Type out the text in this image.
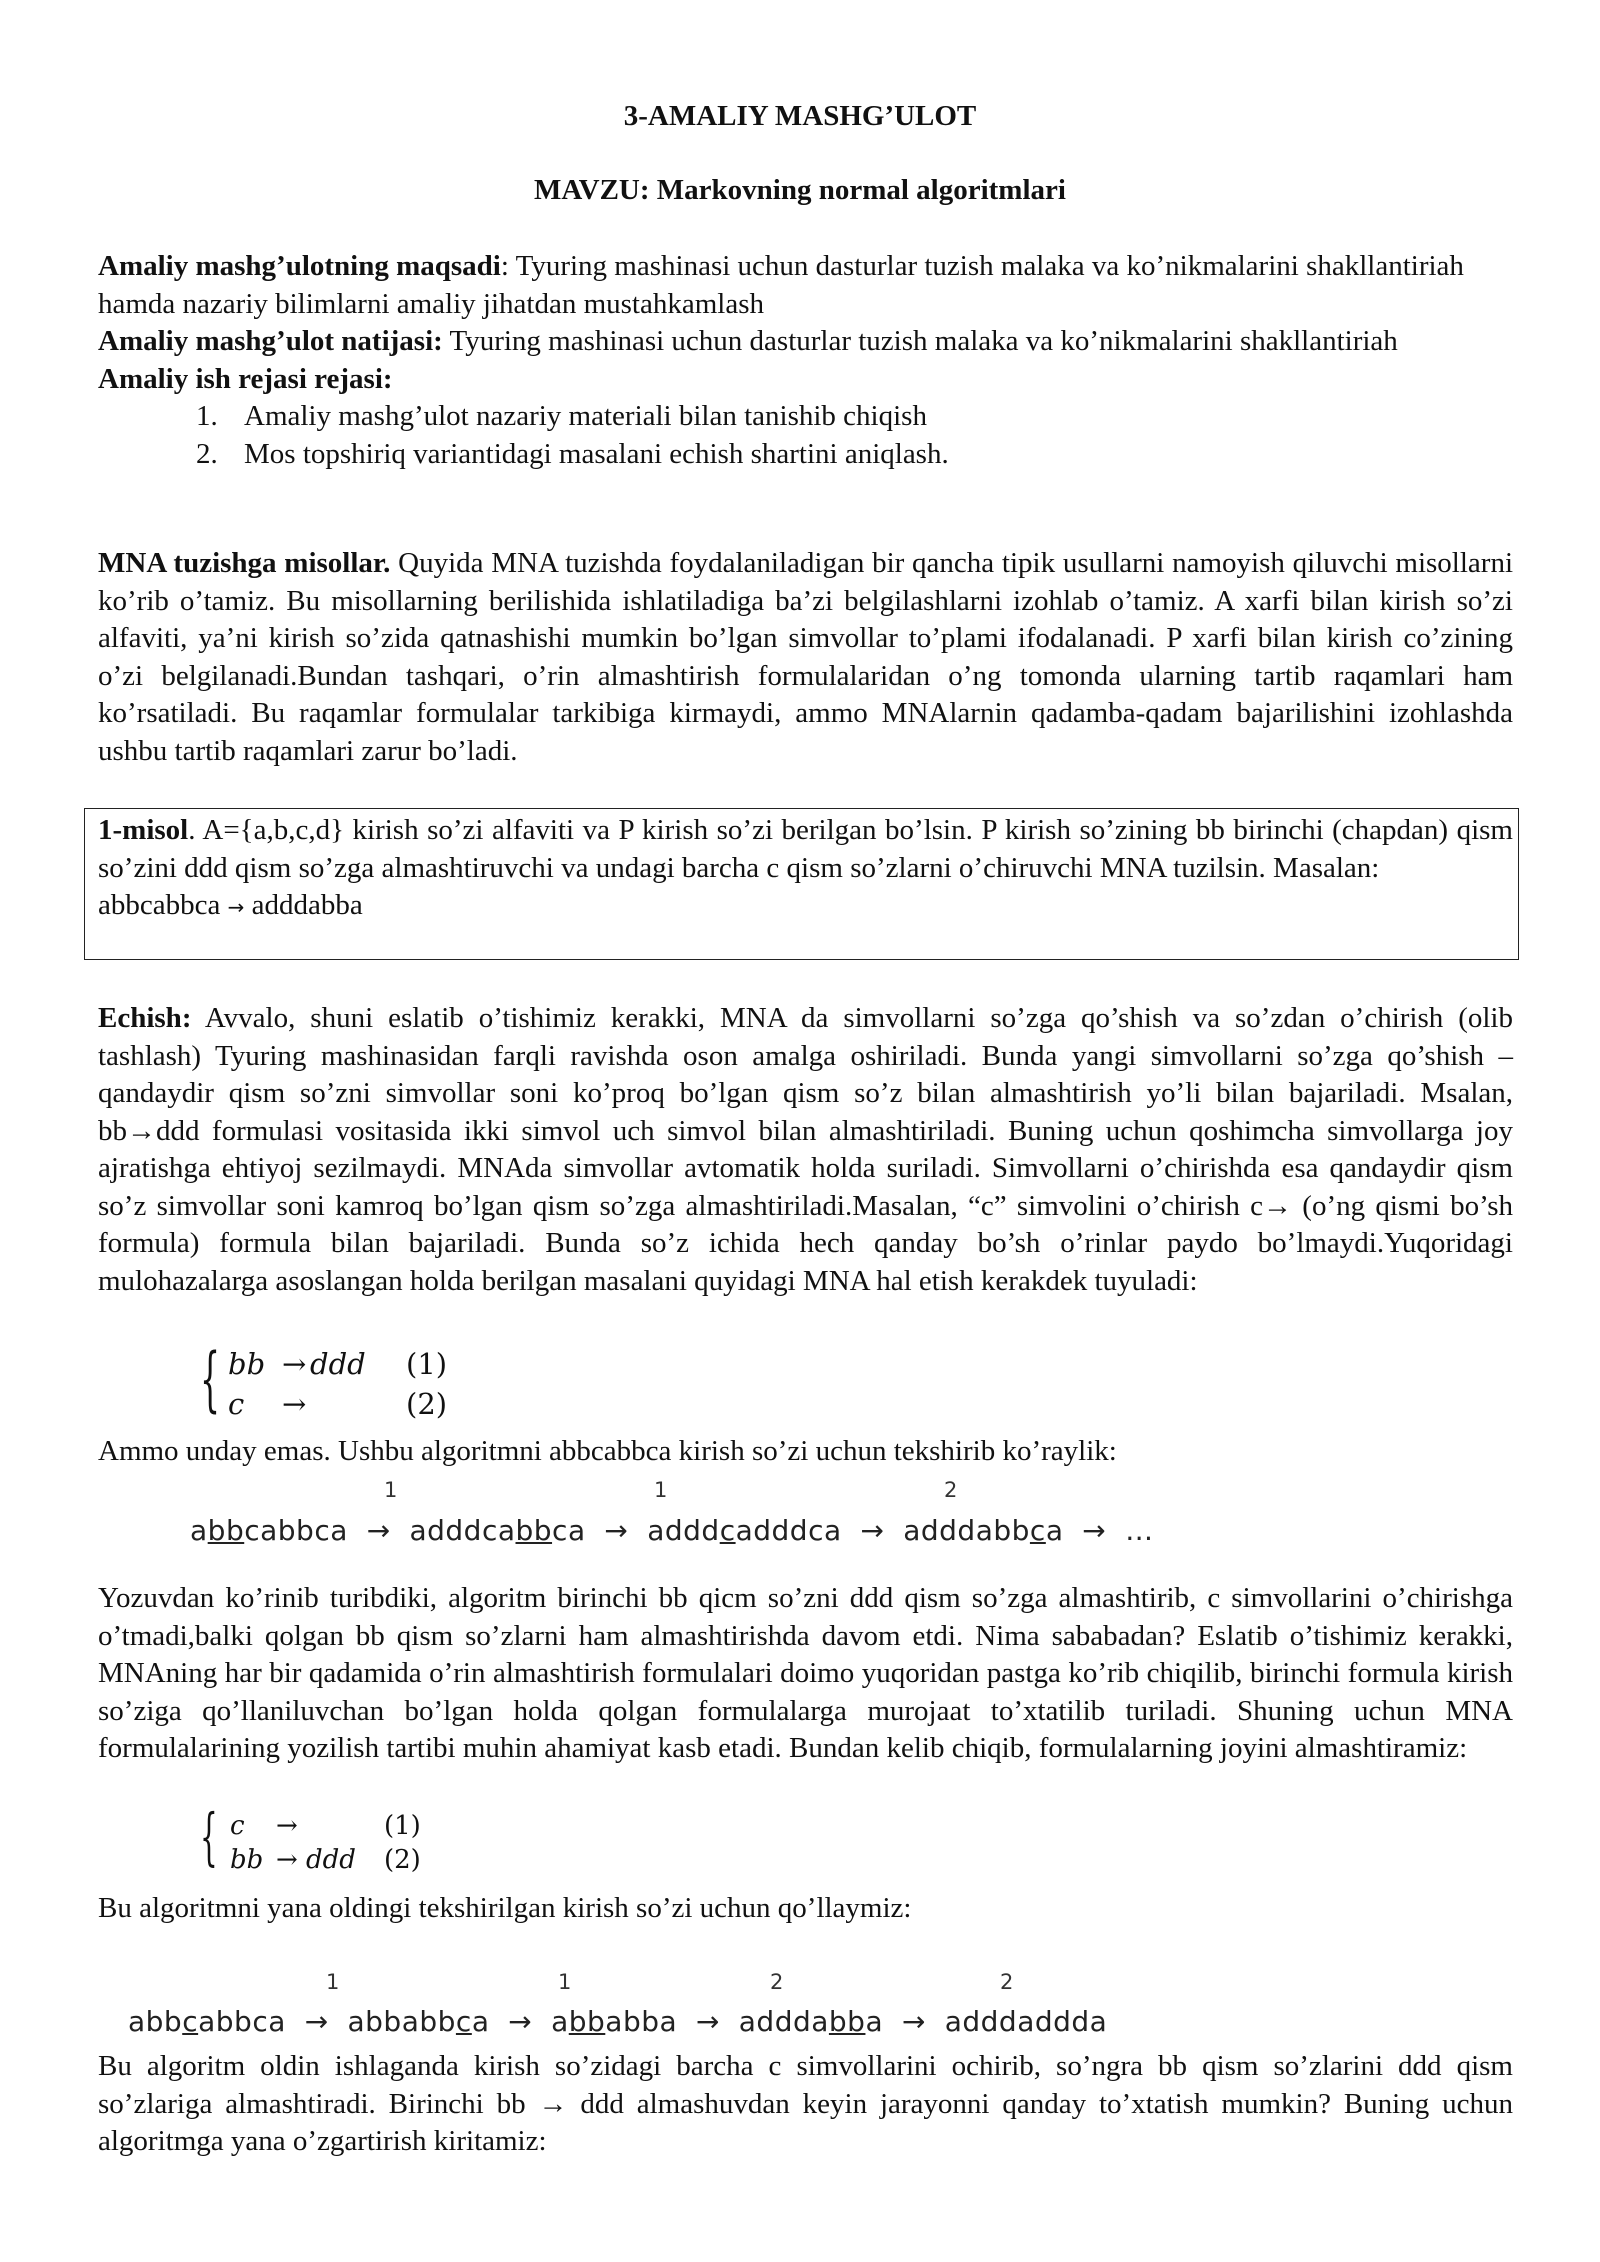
3-AMALIY MASHG’ULOT
MAVZU: Markovning normal algoritmlari

Amaliy mashg’ulotning maqsadi: Tyuring mashinasi uchun dasturlar tuzish malaka va ko’nikmalarini shakllantiriah hamda nazariy bilimlarni amaliy jihatdan mustahkamlash

Amaliy mashg’ulot natijasi: Tyuring mashinasi uchun dasturlar tuzish malaka va ko’nikmalarini shakllantiriah

Amaliy ish rejasi rejasi:

1. Amaliy mashg’ulot nazariy materiali bilan tanishib chiqish
2. Mos topshiriq variantidagi masalani echish shartini aniqlash.

MNA tuzishga misollar. Quyida MNA tuzishda foydalaniladigan bir qancha tipik usullarni namoyish qiluvchi misollarni ko’rib o’tamiz. Bu misollarning berilishida ishlatiladiga ba’zi belgilashlarni izohlab o’tamiz. A xarfi bilan kirish so’zi alfaviti, ya’ni kirish so’zida qatnashishi mumkin bo’lgan simvollar to’plami ifodalanadi. P xarfi bilan kirish co’zining o’zi belgilanadi.Bundan tashqari, o’rin almashtirish formulalaridan o’ng tomonda ularning tartib raqamlari ham ko’rsatiladi. Bu raqamlar formulalar tarkibiga kirmaydi, ammo MNAlarnin qadamba-qadam bajarilishini izohlashda ushbu tartib raqamlari zarur bo’ladi.

1-misol. A={a,b,c,d} kirish so’zi alfaviti va P kirish so’zi berilgan bo’lsin. P kirish so’zining bb birinchi (chapdan) qism so’zini ddd qism so’zga almashtiruvchi va undagi barcha c qism so’zlarni o’chiruvchi MNA tuzilsin. Masalan:

abbcabbca → adddabba

Echish: Avvalo, shuni eslatib o’tishimiz kerakki, MNA da simvollarni so’zga qo’shish va so’zdan o’chirish (olib tashlash) Tyuring mashinasidan farqli ravishda oson amalga oshiriladi. Bunda yangi simvollarni so’zga qo’shish – qandaydir qism so’zni simvollar soni ko’proq bo’lgan qism so’z bilan almashtirish yo’li bilan bajariladi. Msalan, bb→ddd formulasi vositasida ikki simvol uch simvol bilan almashtiriladi. Buning uchun qoshimcha simvollarga joy ajratishga ehtiyoj sezilmaydi. MNAda simvollar avtomatik holda suriladi. Simvollarni o’chirishda esa qandaydir qism so’z simvollar soni kamroq bo’lgan qism so’zga almashtiriladi.Masalan, “c” simvolini o’chirish c→ (o’ng qismi bo’sh formula) formula bilan bajariladi. Bunda so’z ichida hech qanday bo’sh o’rinlar paydo bo’lmaydi.Yuqoridagi mulohazalarga asoslangan holda berilgan masalani quyidagi MNA hal etish kerakdek tuyuladi:

{ bb → ddd (1)
c →	(2)
Ammo unday emas. Ushbu algoritmni abbcabbca kirish so’zi uchun tekshirib ko’raylik:
1	1	2
abbcabbca → adddcabbca → adddcadddca → adddabbca → …
Yozuvdan ko’rinib turibdiki, algoritm birinchi bb qicm so’zni ddd qism so’zga almashtirib, c simvollarini o’chirishga o’tmadi,balki qolgan bb qism so’zlarni ham almashtirishda davom etdi. Nima sababadan? Eslatib o’tishimiz kerakki, MNAning har bir qadamida o’rin almashtirish formulalari doimo yuqoridan pastga ko’rib chiqilib, birinchi formula kirish so’ziga qo’llaniluvchan bo’lgan holda qolgan formulalarga murojaat to’xtatilib turiladi. Shuning uchun MNA formulalarining yozilish tartibi muhin ahamiyat kasb etadi. Bundan kelib chiqib, formulalarning joyini almashtiramiz:
{ c →	(1)
bb → ddd (2)
Bu algoritmni yana oldingi tekshirilgan kirish so’zi uchun qo’llaymiz:
1	1	2	2
abbcabbca → abbabbca → abbabba → adddabba → adddaddda
Bu algoritm oldin ishlaganda kirish so’zidagi barcha c simvollarini ochirib, so’ngra bb qism so’zlarini ddd qism so’zlariga almashtiradi. Birinchi bb → ddd almashuvdan keyin jarayonni qanday to’xtatish mumkin? Buning uchun algoritmga yana o’zgartirish kiritamiz:
